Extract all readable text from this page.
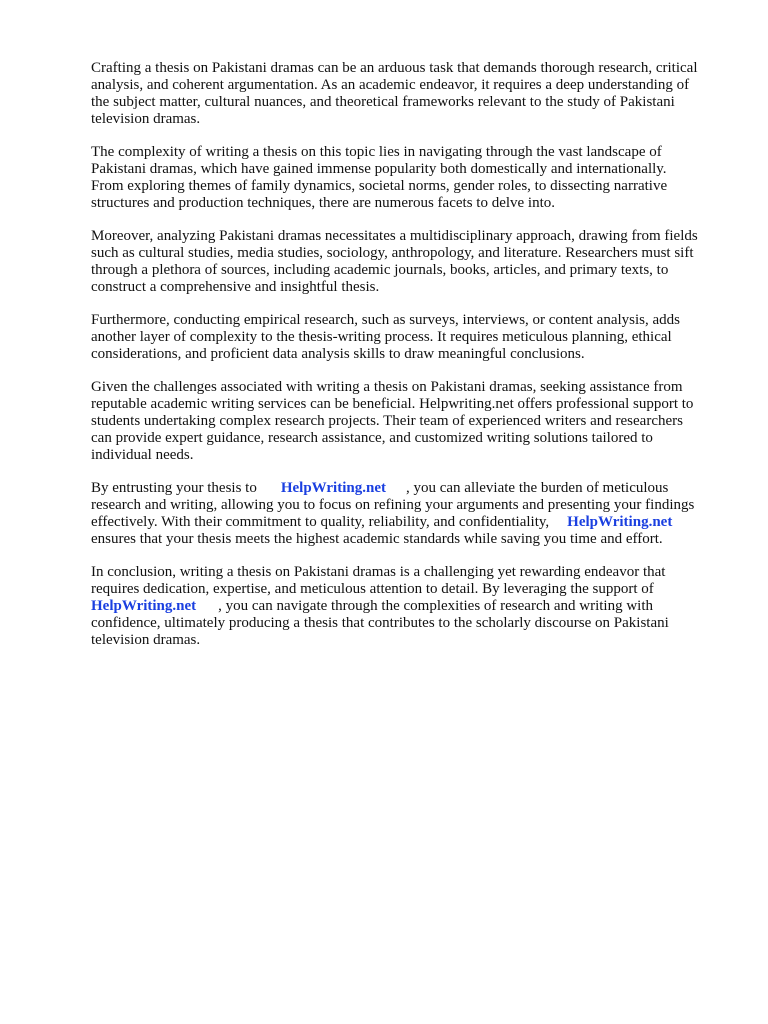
Crafting a thesis on Pakistani dramas can be an arduous task that demands thorough research, critical
analysis, and coherent argumentation. As an academic endeavor, it requires a deep understanding of
the subject matter, cultural nuances, and theoretical frameworks relevant to the study of Pakistani
television dramas.

The complexity of writing a thesis on this topic lies in navigating through the vast landscape of
Pakistani dramas, which have gained immense popularity both domestically and internationally.
From exploring themes of family dynamics, societal norms, gender roles, to dissecting narrative
structures and production techniques, there are numerous facets to delve into.

Moreover, analyzing Pakistani dramas necessitates a multidisciplinary approach, drawing from fields
such as cultural studies, media studies, sociology, anthropology, and literature. Researchers must sift
through a plethora of sources, including academic journals, books, articles, and primary texts, to
construct a comprehensive and insightful thesis.

Furthermore, conducting empirical research, such as surveys, interviews, or content analysis, adds
another layer of complexity to the thesis-writing process. It requires meticulous planning, ethical
considerations, and proficient data analysis skills to draw meaningful conclusions.

Given the challenges associated with writing a thesis on Pakistani dramas, seeking assistance from
reputable academic writing services can be beneficial. Helpwriting.net offers professional support to
students undertaking complex research projects. Their team of experienced writers and researchers
can provide expert guidance, research assistance, and customized writing solutions tailored to
individual needs.

By entrusting your thesis to HelpWriting.net , you can alleviate the burden of meticulous
research and writing, allowing you to focus on refining your arguments and presenting your findings
effectively. With their commitment to quality, reliability, and confidentiality, HelpWriting.net
ensures that your thesis meets the highest academic standards while saving you time and effort.

In conclusion, writing a thesis on Pakistani dramas is a challenging yet rewarding endeavor that
requires dedication, expertise, and meticulous attention to detail. By leveraging the support of
HelpWriting.net , you can navigate through the complexities of research and writing with
confidence, ultimately producing a thesis that contributes to the scholarly discourse on Pakistani
television dramas.
